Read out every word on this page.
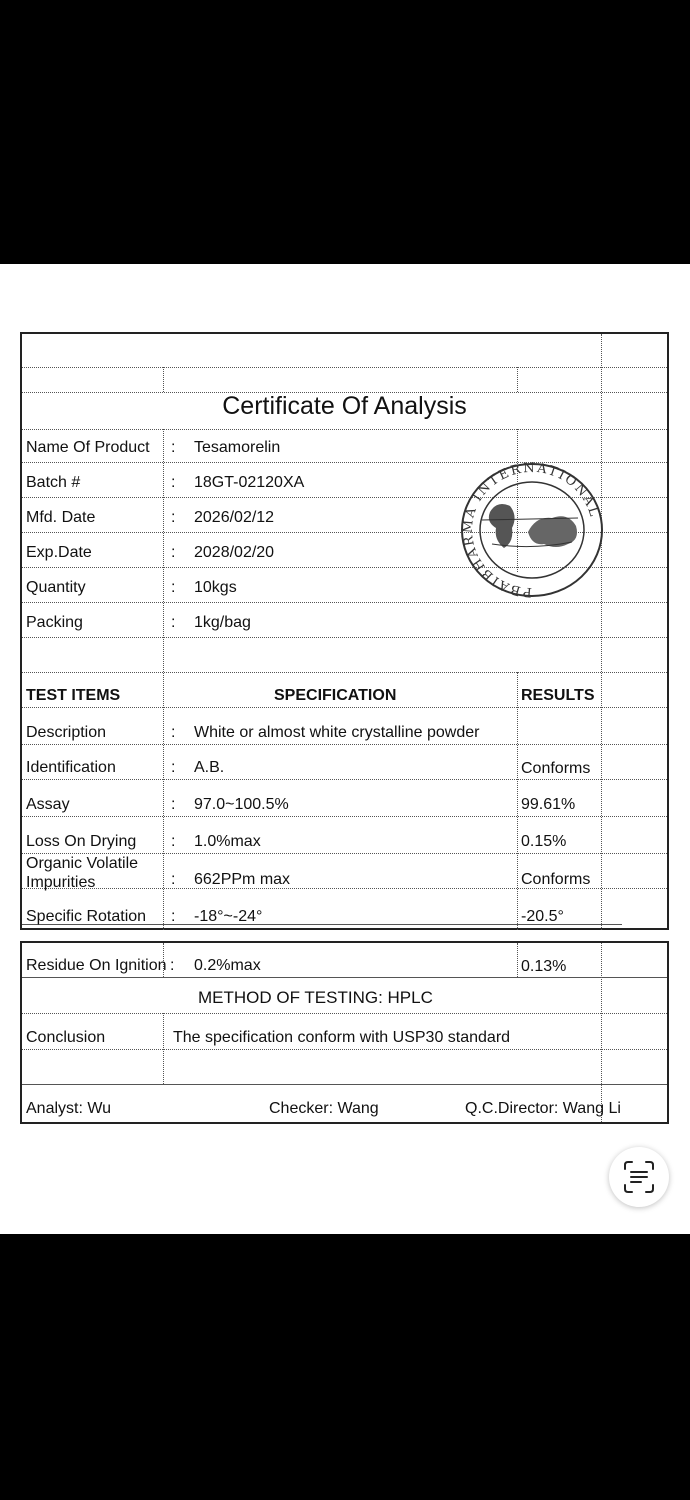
Certificate Of Analysis
Name Of Product : Tesamorelin
Batch #	: 18GT-02120XA
Mfd. Date	: 2026/02/12
Exp.Date	: 2028/02/20
Quantity	: 10kgs
Packing	: 1kg/bag
TEST ITEMS	SPECIFICATION	RESULTS
Description	: White or almost white crystalline powder
Identification	: A.B.	Conforms
Assay	: 97.0~100.5%	99.61%
Loss On Drying : 1.0%max	0.15%
Organic Volatile
Impurities	: 662PPm max	Conforms
Specific Rotation : -18°~-24°	-20.5°
Residue On Ignition : 0.2%max	0.13%
METHOD OF TESTING: HPLC
Conclusion	The specification conform with USP30 standard
Analyst: Wu	Checker: Wang	Q.C.Director: Wang Li
PBAIBHARMA INTERNATIONAL
